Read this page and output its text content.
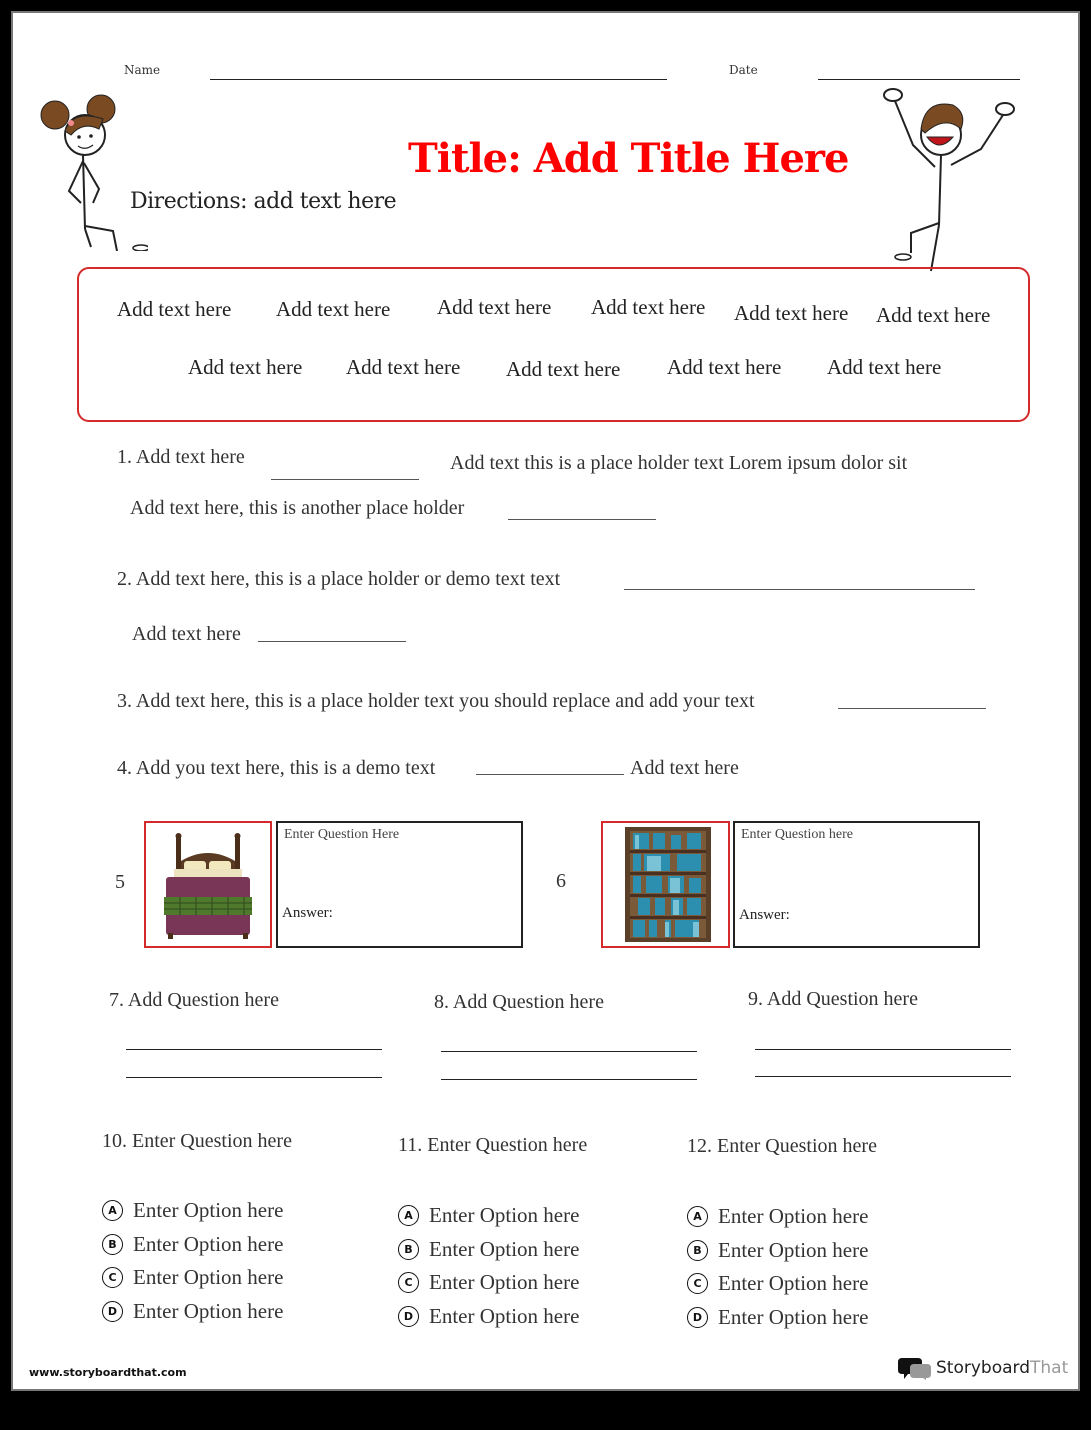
Name	Date
Title: Add Title Here
Directions: add text here
Add text here Add text here Add text here Add text here Add text here Add text here
Add text here Add text here Add text here Add text here Add text here
1. Add text here	Add text this is a place holder text Lorem ipsum dolor sit
Add text here, this is another place holder
2. Add text here, this is a place holder or demo text text
Add text here
3. Add text here, this is a place holder text you should replace and add your text
4. Add you text here, this is a demo text	Add text here
5
Enter Question Here
Answer:
6
Enter Question here
Answer:
7. Add Question here	8. Add Question here	9. Add Question here
10. Enter Question here
A Enter Option here
B Enter Option here
C Enter Option here
D Enter Option here
11. Enter Question here
A Enter Option here
B Enter Option here
C Enter Option here
D Enter Option here
12. Enter Question here
A Enter Option here
B Enter Option here
C Enter Option here
D Enter Option here
www.storyboardthat.com	Storyboard That
